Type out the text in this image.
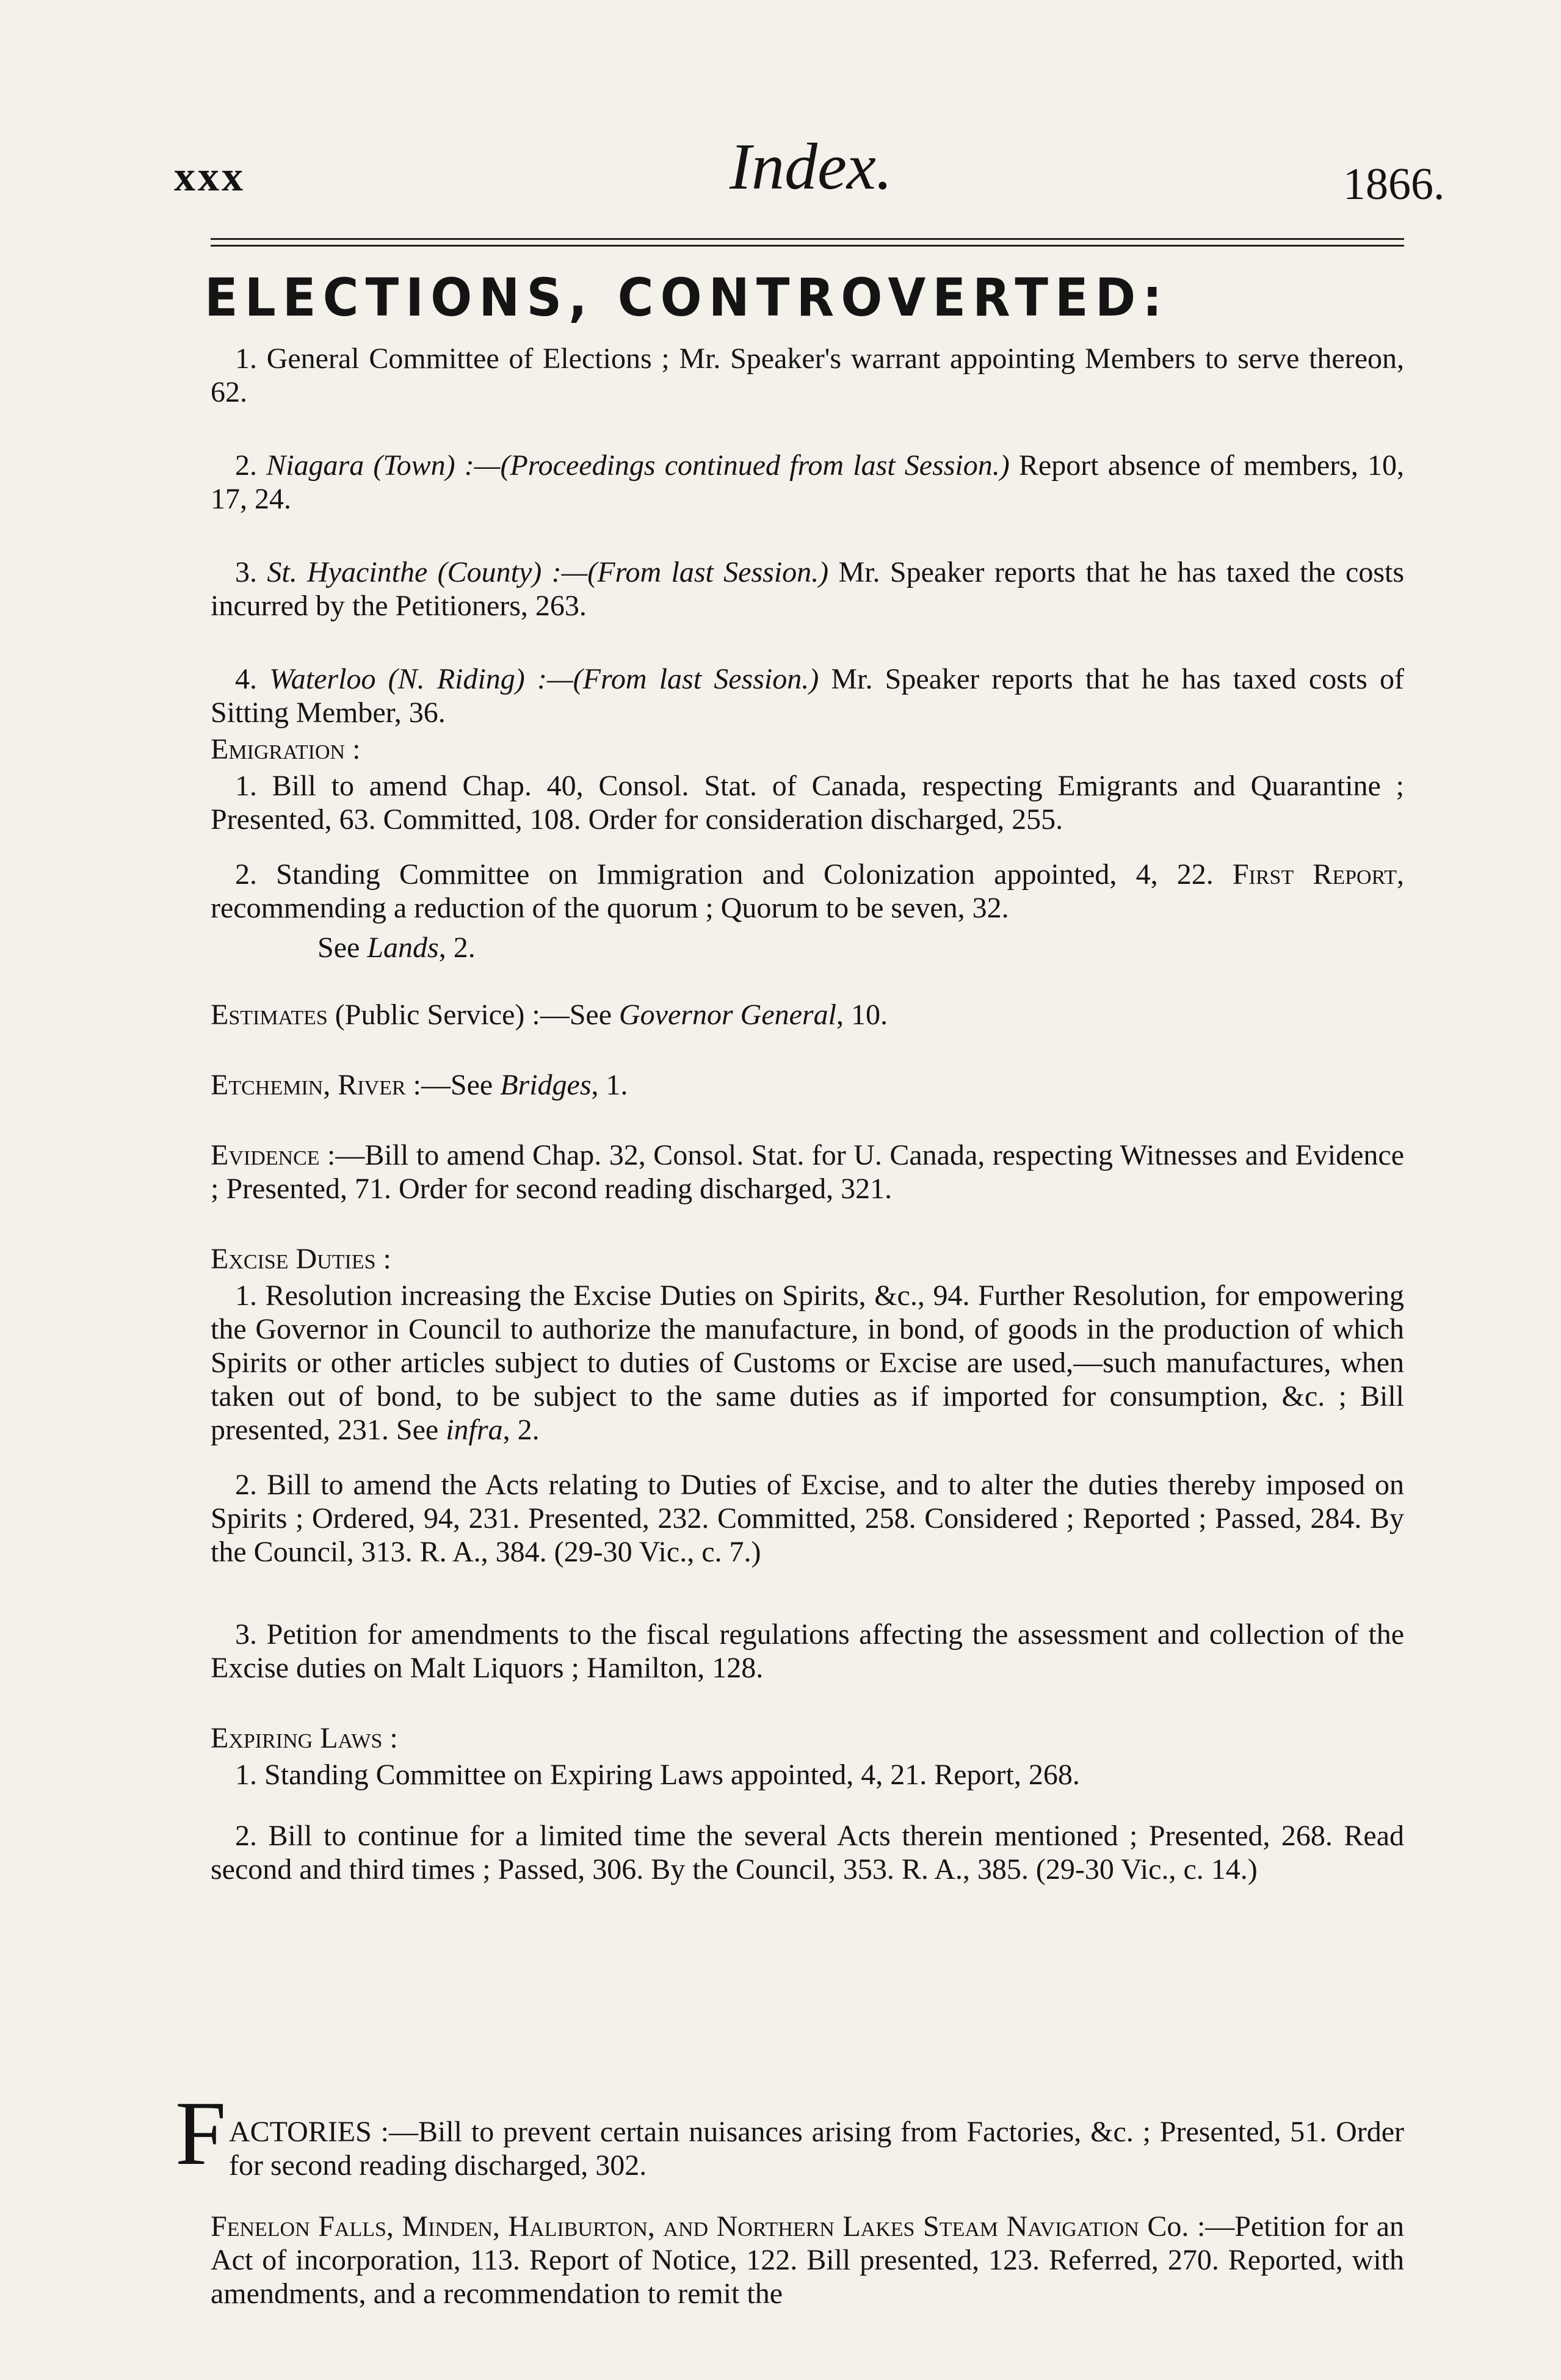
xxx	Index.	1866.
ELECTIONS, CONTROVERTED:

1. General Committee of Elections ; Mr. Speaker's warrant appointing Members to serve thereon, 62.

2. Niagara (Town) :—(Proceedings continued from last Session.) Report absence of members, 10, 17, 24.

3. St. Hyacinthe (County) :—(From last Session.) Mr. Speaker reports that he has taxed the costs incurred by the Petitioners, 263.

4. Waterloo (N. Riding) :—(From last Session.) Mr. Speaker reports that he has taxed costs of Sitting Member, 36.

Emigration :

1. Bill to amend Chap. 40, Consol. Stat. of Canada, respecting Emigrants and Quarantine ; Presented, 63. Committed, 108. Order for consideration discharged, 255.

2. Standing Committee on Immigration and Colonization appointed, 4, 22. First Report, recommending a reduction of the quorum ; Quorum to be seven, 32.

See Lands, 2.

Estimates (Public Service) :—See Governor General, 10.

Etchemin, River :—See Bridges, 1.

Evidence :—Bill to amend Chap. 32, Consol. Stat. for U. Canada, respecting Witnesses and Evidence ; Presented, 71. Order for second reading discharged, 321.

Excise Duties :

1. Resolution increasing the Excise Duties on Spirits, &c., 94. Further Resolution, for empowering the Governor in Council to authorize the manufacture, in bond, of goods in the production of which Spirits or other articles subject to duties of Customs or Excise are used,—such manufactures, when taken out of bond, to be subject to the same duties as if imported for consumption, &c. ; Bill presented, 231. See infra, 2.

2. Bill to amend the Acts relating to Duties of Excise, and to alter the duties thereby imposed on Spirits ; Ordered, 94, 231. Presented, 232. Committed, 258. Considered ; Reported ; Passed, 284. By the Council, 313. R. A., 384. (29-30 Vic., c. 7.)

3. Petition for amendments to the fiscal regulations affecting the assessment and collection of the Excise duties on Malt Liquors ; Hamilton, 128.

Expiring Laws :

1. Standing Committee on Expiring Laws appointed, 4, 21. Report, 268.

2. Bill to continue for a limited time the several Acts therein mentioned ; Presented, 268. Read second and third times ; Passed, 306. By the Council, 353. R. A., 385. (29-30 Vic., c. 14.)

F ACTORIES :—Bill to prevent certain nuisances arising from Factories, &c. ; Presented, 51. Order for second reading discharged, 302.

Fenelon Falls, Minden, Haliburton, and Northern Lakes Steam Navigation Co. :—Petition for an Act of incorporation, 113. Report of Notice, 122. Bill presented, 123. Referred, 270. Reported, with amendments, and a recommendation to remit the
